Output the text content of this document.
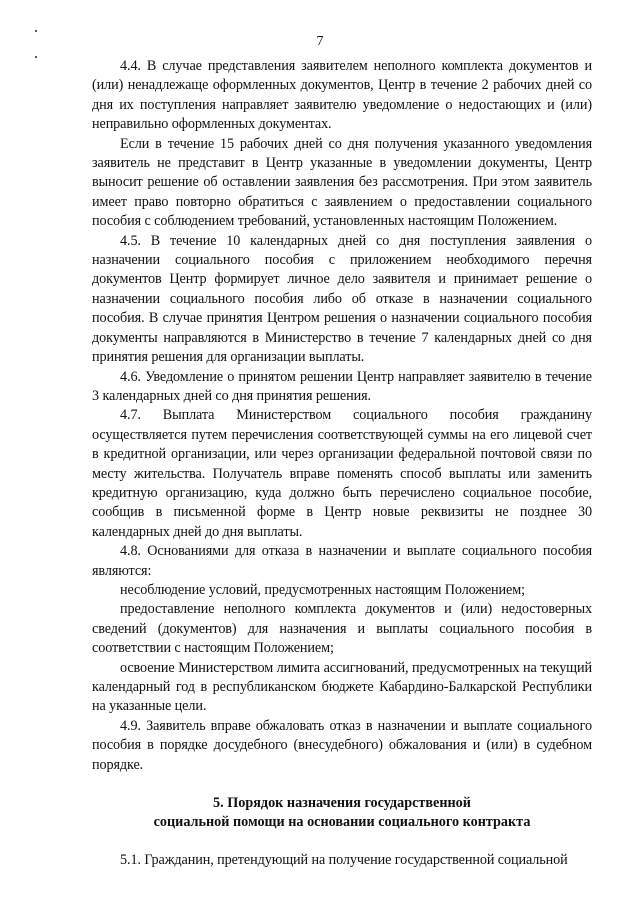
7

4.4. В случае представления заявителем неполного комплекта документов и (или) ненадлежаще оформленных документов, Центр в течение 2 рабочих дней со дня их поступления направляет заявителю уведомление о недостающих и (или) неправильно оформленных документах.

Если в течение 15 рабочих дней со дня получения указанного уведомления заявитель не представит в Центр указанные в уведомлении документы, Центр выносит решение об оставлении заявления без рассмотрения. При этом заявитель имеет право повторно обратиться с заявлением о предоставлении социального пособия с соблюдением требований, установленных настоящим Положением.

4.5. В течение 10 календарных дней со дня поступления заявления о назначении социального пособия с приложением необходимого перечня документов Центр формирует личное дело заявителя и принимает решение о назначении социального пособия либо об отказе в назначении социального пособия. В случае принятия Центром решения о назначении социального пособия документы направляются в Министерство в течение 7 календарных дней со дня принятия решения для организации выплаты.

4.6. Уведомление о принятом решении Центр направляет заявителю в течение 3 календарных дней со дня принятия решения.

4.7. Выплата Министерством социального пособия гражданину осуществляется путем перечисления соответствующей суммы на его лицевой счет в кредитной организации, или через организации федеральной почтовой связи по месту жительства. Получатель вправе поменять способ выплаты или заменить кредитную организацию, куда должно быть перечислено социальное пособие, сообщив в письменной форме в Центр новые реквизиты не позднее 30 календарных дней до дня выплаты.

4.8. Основаниями для отказа в назначении и выплате социального пособия являются:

несоблюдение условий, предусмотренных настоящим Положением;

предоставление неполного комплекта документов и (или) недостоверных сведений (документов) для назначения и выплаты социального пособия в соответствии с настоящим Положением;

освоение Министерством лимита ассигнований, предусмотренных на текущий календарный год в республиканском бюджете Кабардино-Балкарской Республики на указанные цели.

4.9. Заявитель вправе обжаловать отказ в назначении и выплате социального пособия в порядке досудебного (внесудебного) обжалования и (или) в судебном порядке.

5. Порядок назначения государственной
социальной помощи на основании социального контракта

5.1. Гражданин, претендующий на получение государственной социальной
